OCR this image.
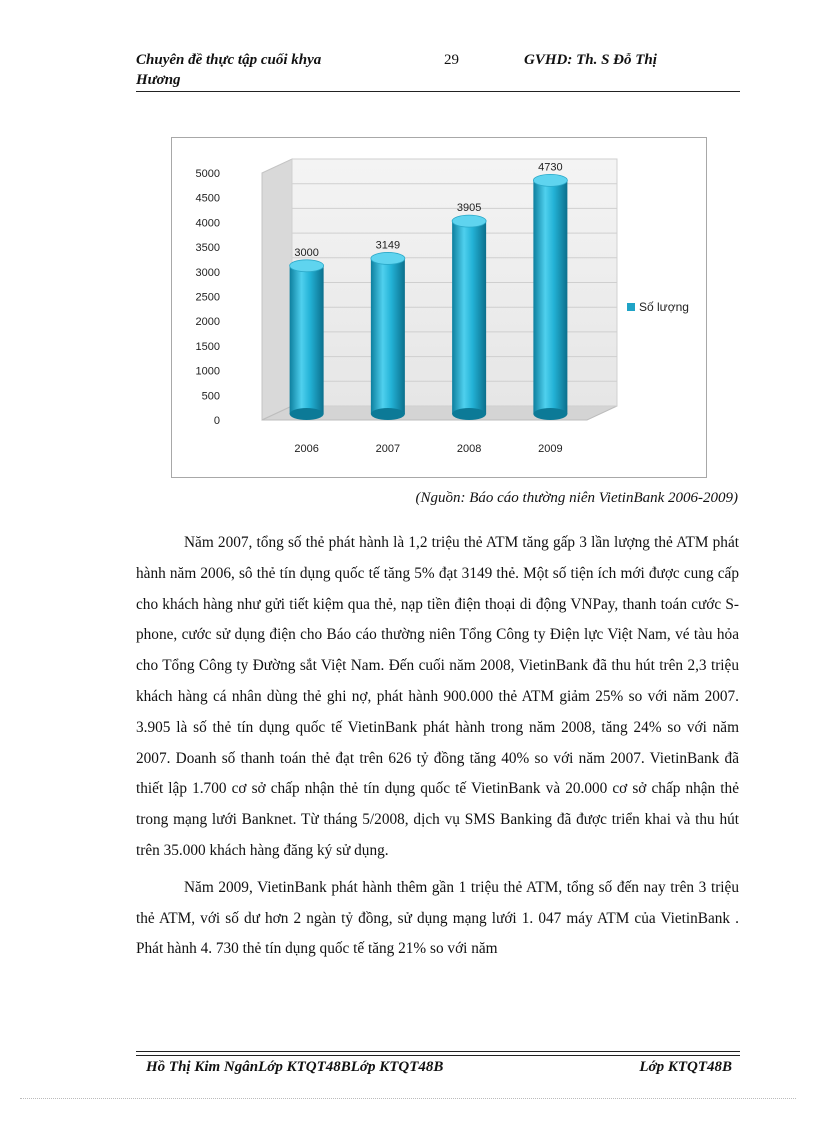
Chuyên đề thực tập cuối khya
Hương
29	GVHD: Th. S Đỗ Thị
0
500
1000
1500
2000
2500
3000
3500
4000
4500
5000
3000
2006
3149
2007
3905
2008
4730
2009
Số lượng
(Nguồn: Báo cáo thường niên VietinBank 2006-2009)

Năm 2007, tổng số thẻ phát hành là 1,2 triệu thẻ ATM tăng gấp 3 lần lượng thẻ ATM phát hành năm 2006, sô thẻ tín dụng quốc tế tăng 5% đạt 3149 thẻ. Một số tiện ích mới được cung cấp cho khách hàng như gửi tiết kiệm qua thẻ, nạp tiền điện thoại di động VNPay, thanh toán cước S-phone, cước sử dụng điện cho Báo cáo thường niên Tổng Công ty Điện lực Việt Nam, vé tàu hỏa cho Tổng Công ty Đường sắt Việt Nam. Đến cuối năm 2008, VietinBank đã thu hút trên 2,3 triệu khách hàng cá nhân dùng thẻ ghi nợ, phát hành 900.000 thẻ ATM giảm 25% so với năm 2007. 3.905 là số thẻ tín dụng quốc tế VietinBank phát hành trong năm 2008, tăng 24% so với năm 2007. Doanh số thanh toán thẻ đạt trên 626 tỷ đồng tăng 40% so với năm 2007. VietinBank đã thiết lập 1.700 cơ sở chấp nhận thẻ tín dụng quốc tế VietinBank và 20.000 cơ sở chấp nhận thẻ trong mạng lưới Banknet. Từ tháng 5/2008, dịch vụ SMS Banking đã được triển khai và thu hút trên 35.000 khách hàng đăng ký sử dụng.

Năm 2009, VietinBank phát hành thêm gần 1 triệu thẻ ATM, tổng số đến nay trên 3 triệu thẻ ATM, với số dư hơn 2 ngàn tỷ đồng, sử dụng mạng lưới 1. 047 máy ATM của VietinBank . Phát hành 4. 730 thẻ tín dụng quốc tế tăng 21% so với năm

Hồ Thị Kim NgânLớp KTQT48BLớp KTQT48B	Lớp KTQT48B
